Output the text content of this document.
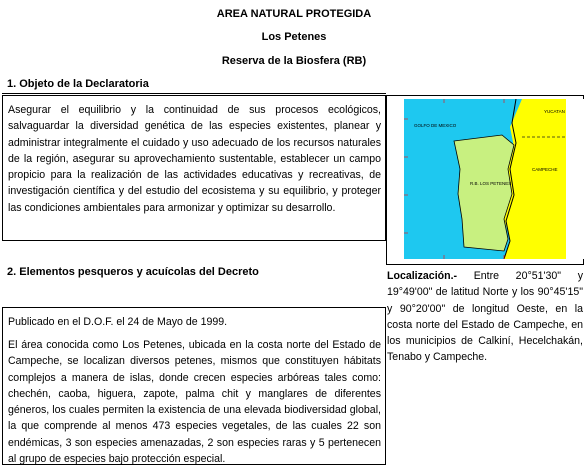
AREA NATURAL PROTEGIDA
Los Petenes
Reserva de la Biosfera (RB)
1. Objeto de la Declaratoria
Asegurar el equilibrio y la continuidad de sus procesos ecológicos, salvaguardar la diversidad genética de las especies existentes, planear y administrar integralmente el cuidado y uso adecuado de los recursos naturales de la región, asegurar su aprovechamiento sustentable, establecer un campo propicio para la realización de las actividades educativas y recreativas, de investigación científica y del estudio del ecosistema y su equilibrio, y proteger las condiciones ambientales para armonizar y optimizar su desarrollo.
2. Elementos pesqueros y acuícolas del Decreto
Publicado en el D.O.F. el 24 de Mayo de 1999.
El área conocida como Los Petenes, ubicada en la costa norte del Estado de Campeche, se localizan diversos petenes, mismos que constituyen hábitats complejos a manera de islas, donde crecen especies arbóreas tales como: chechén, caoba, higuera, zapote, palma chit y manglares de diferentes géneros, los cuales permiten la existencia de una elevada biodiversidad global, la que comprende al menos 473 especies vegetales, de las cuales 22 son endémicas, 3 son especies amenazadas, 2 son especies raras y 5 pertenecen al grupo de especies bajo protección especial.
GOLFO DE MEXICO
YUCATAN
CAMPECHE
R.B. LOS PETENES
Localización.- Entre 20°51'30" y 19°49'00" de latitud Norte y los 90°45'15" y 90°20'00" de longitud Oeste, en la costa norte del Estado de Campeche, en los municipios de Calkiní, Hecelchakán, Tenabo y Campeche.
